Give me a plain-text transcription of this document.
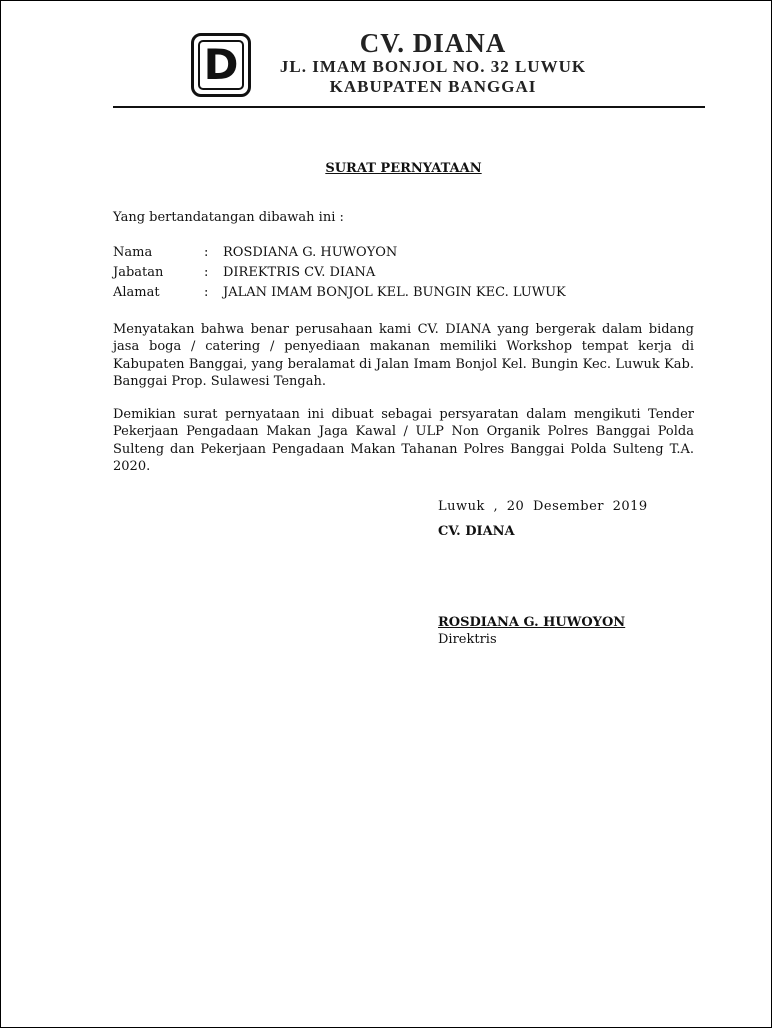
D	CV. DIANA
JL. IMAM BONJOL NO. 32 LUWUK
KABUPATEN BANGGAI
SURAT PERNYATAAN
Yang bertandatangan dibawah ini :
Nama	: ROSDIANA G. HUWOYON
Jabatan	: DIREKTRIS CV. DIANA
Alamat	: JALAN IMAM BONJOL KEL. BUNGIN KEC. LUWUK
Menyatakan bahwa benar perusahaan kami CV. DIANA yang bergerak dalam bidang jasa boga / catering / penyediaan makanan memiliki Workshop tempat kerja di Kabupaten Banggai, yang beralamat di Jalan Imam Bonjol Kel. Bungin Kec. Luwuk Kab. Banggai Prop. Sulawesi Tengah.
Demikian surat pernyataan ini dibuat sebagai persyaratan dalam mengikuti Tender Pekerjaan Pengadaan Makan Jaga Kawal / ULP Non Organik Polres Banggai Polda Sulteng dan Pekerjaan Pengadaan Makan Tahanan Polres Banggai Polda Sulteng T.A. 2020.
Luwuk , 20 Desember 2019
CV. DIANA
ROSDIANA G. HUWOYON
Direktris
